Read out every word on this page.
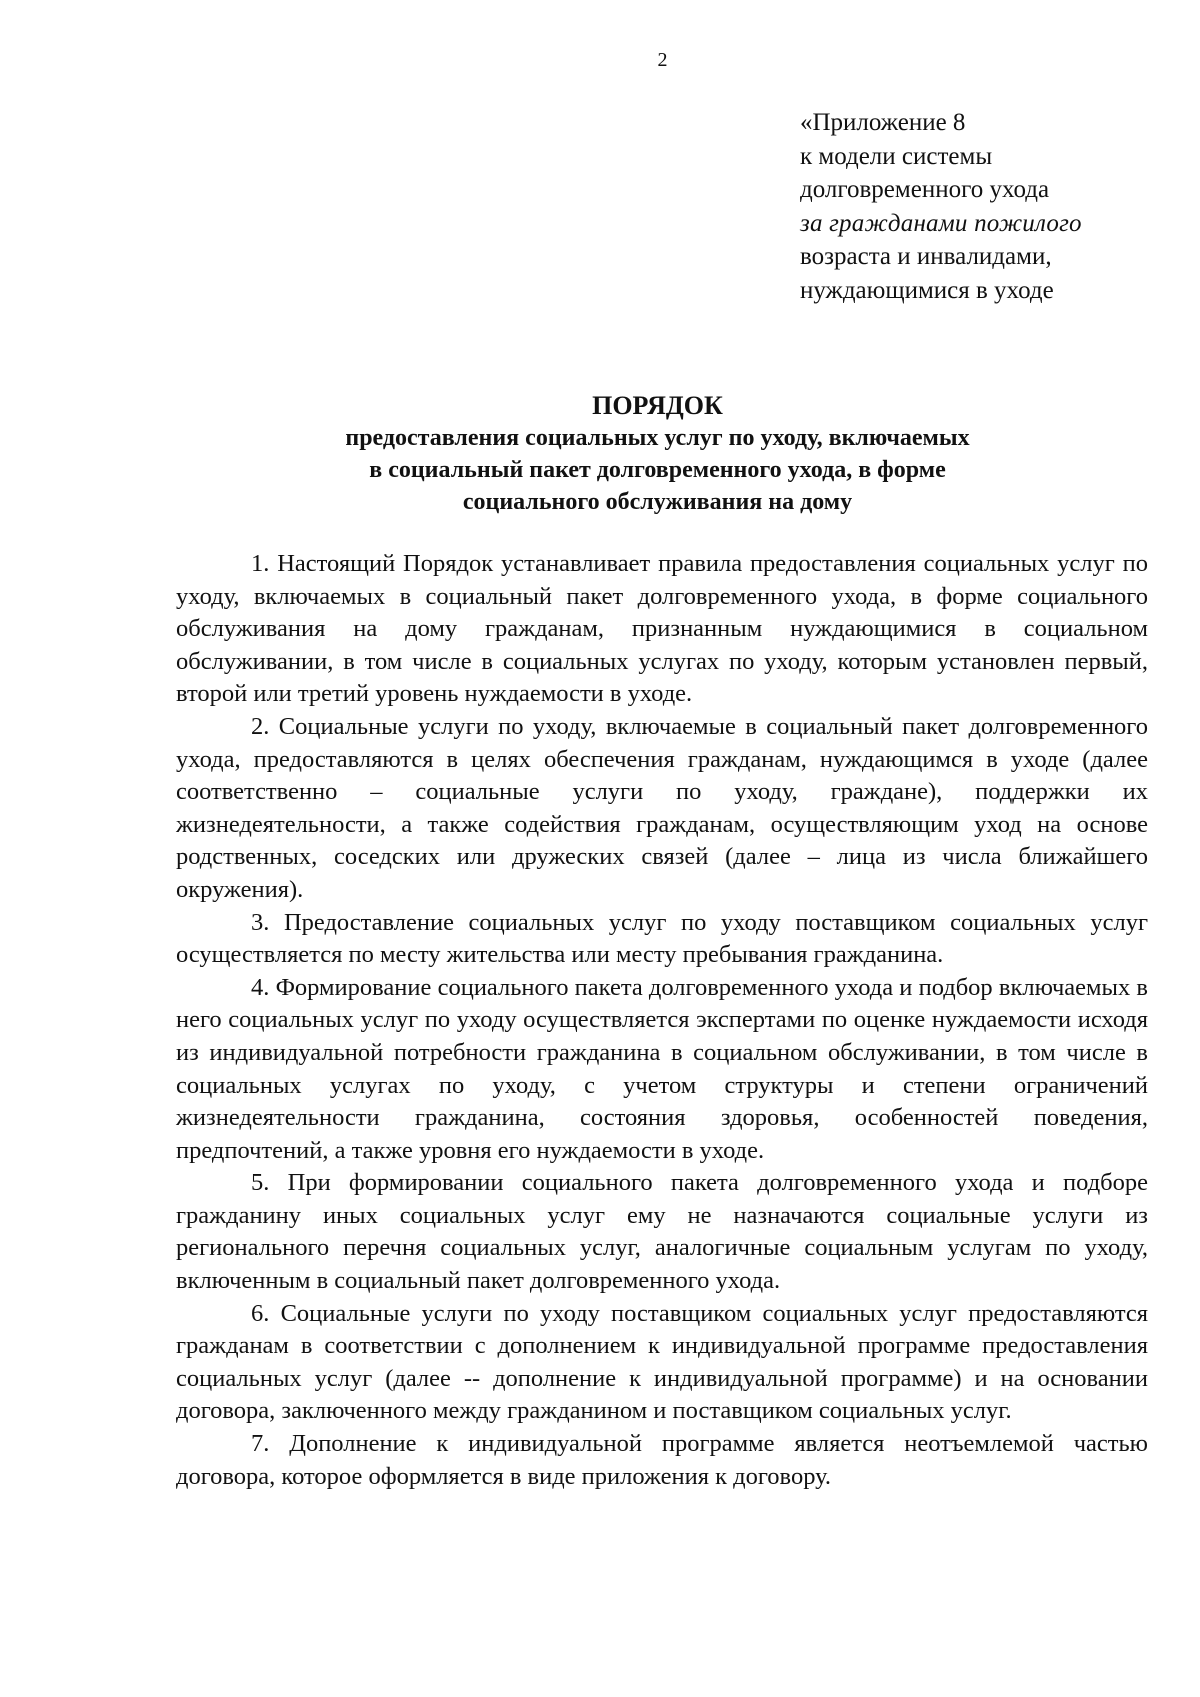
2
«Приложение 8
к модели системы
долговременного ухода
за гражданами пожилого
возраста и инвалидами,
нуждающимися в уходе
ПОРЯДОК
предоставления социальных услуг по уходу, включаемых
в социальный пакет долговременного ухода, в форме
социального обслуживания на дому

1. Настоящий Порядок устанавливает правила предоставления социальных услуг по уходу, включаемых в социальный пакет долговременного ухода, в форме социального обслуживания на дому гражданам, признанным нуждающимися в социальном обслуживании, в том числе в социальных услугах по уходу, которым установлен первый, второй или третий уровень нуждаемости в уходе.

2. Социальные услуги по уходу, включаемые в социальный пакет долговременного ухода, предоставляются в целях обеспечения гражданам, нуждающимся в уходе (далее соответственно – социальные услуги по уходу, граждане), поддержки их жизнедеятельности, а также содействия гражданам, осуществляющим уход на основе родственных, соседских или дружеских связей (далее – лица из числа ближайшего окружения).

3. Предоставление социальных услуг по уходу поставщиком социальных услуг осуществляется по месту жительства или месту пребывания гражданина.

4. Формирование социального пакета долговременного ухода и подбор включаемых в него социальных услуг по уходу осуществляется экспертами по оценке нуждаемости исходя из индивидуальной потребности гражданина в социальном обслуживании, в том числе в социальных услугах по уходу, с учетом структуры и степени ограничений жизнедеятельности гражданина, состояния здоровья, особенностей поведения, предпочтений, а также уровня его нуждаемости в уходе.

5. При формировании социального пакета долговременного ухода и подборе гражданину иных социальных услуг ему не назначаются социальные услуги из регионального перечня социальных услуг, аналогичные социальным услугам по уходу, включенным в социальный пакет долговременного ухода.

6. Социальные услуги по уходу поставщиком социальных услуг предоставляются гражданам в соответствии с дополнением к индивидуальной программе предоставления социальных услуг (далее -- дополнение к индивидуальной программе) и на основании договора, заключенного между гражданином и поставщиком социальных услуг.

7. Дополнение к индивидуальной программе является неотъемлемой частью договора, которое оформляется в виде приложения к договору.
